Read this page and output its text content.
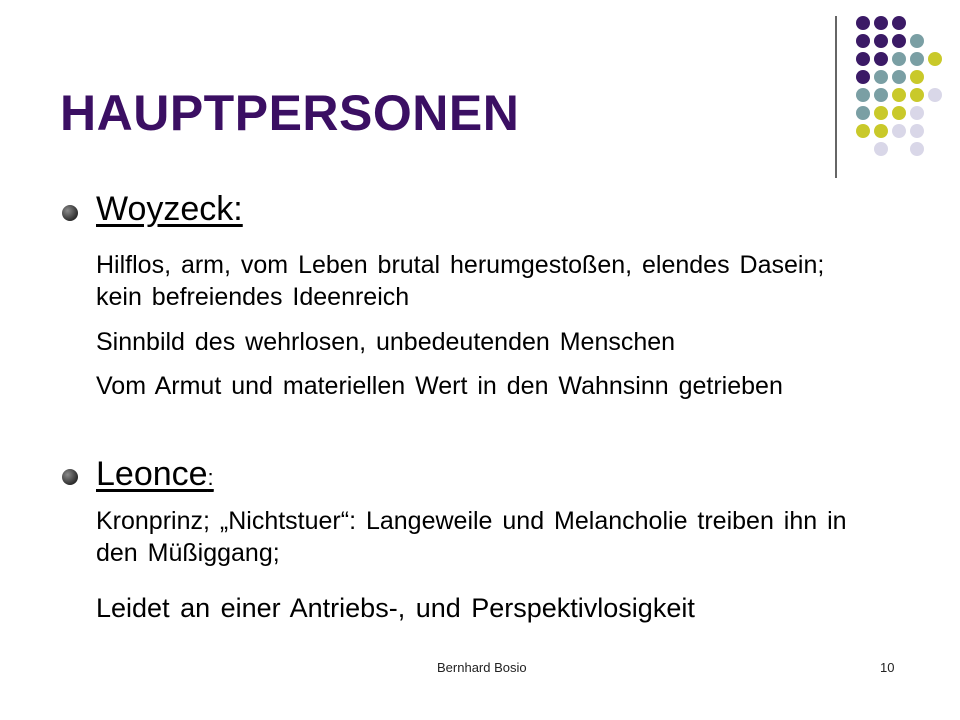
HAUPTPERSONEN
Woyzeck:

Hilflos, arm, vom Leben brutal herumgestoßen, elendes Dasein; kein befreiendes Ideenreich

Sinnbild des wehrlosen, unbedeutenden Menschen

Vom Armut und materiellen Wert in den Wahnsinn getrieben

Leonce:

Kronprinz; „Nichtstuer“: Langeweile und Melancholie treiben ihn in den Müßiggang;

Leidet an einer Antriebs-, und Perspektivlosigkeit

Bernhard Bosio	10
